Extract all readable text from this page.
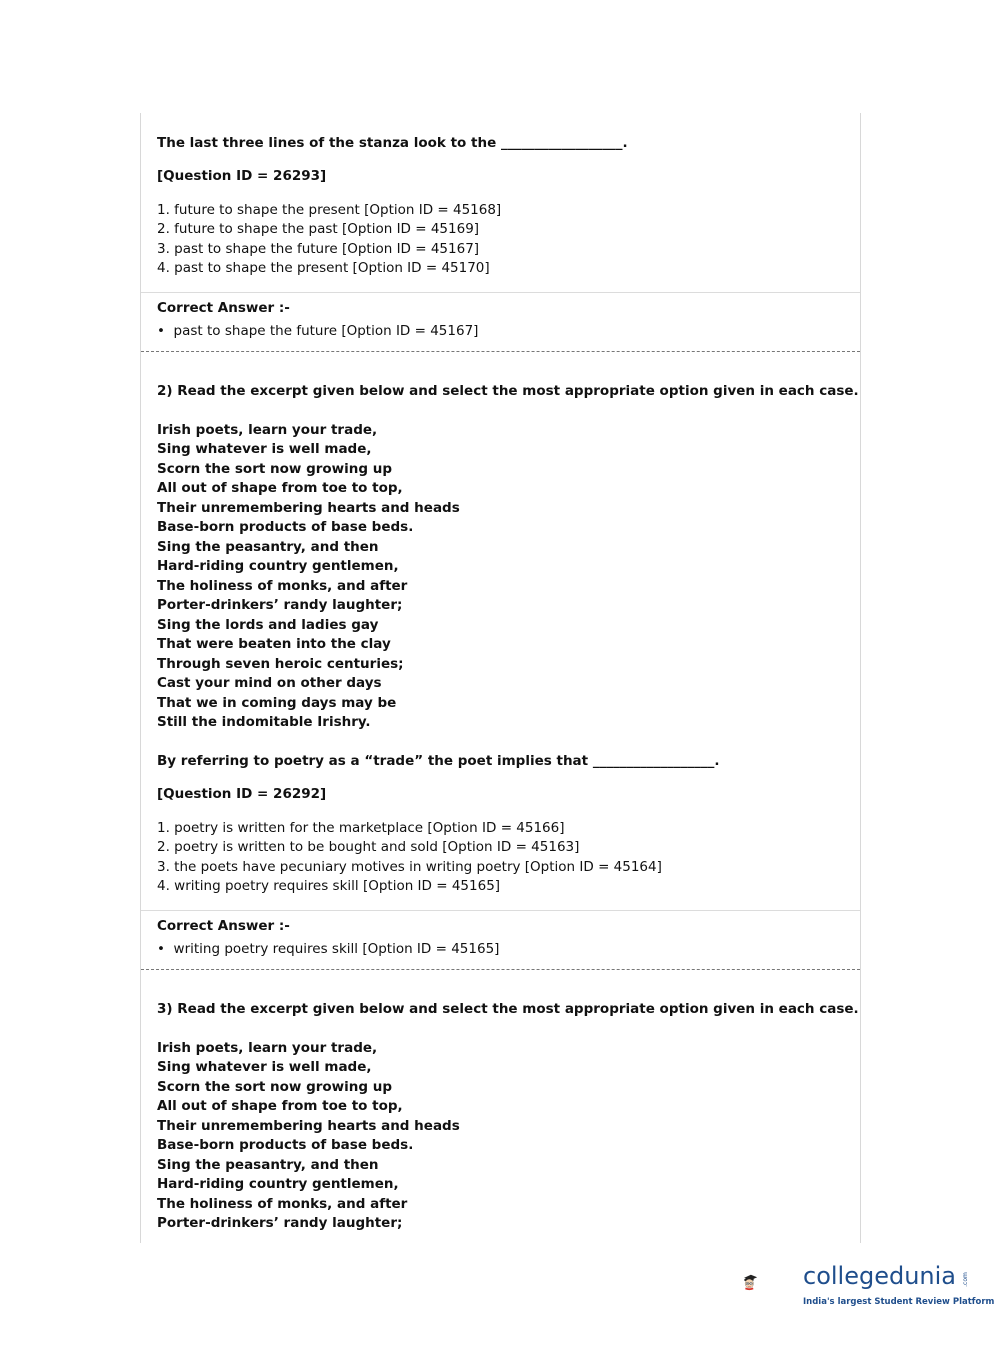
The last three lines of the stanza look to the __________________.
[Question ID = 26293]
1. future to shape the present [Option ID = 45168]
2. future to shape the past [Option ID = 45169]
3. past to shape the future [Option ID = 45167]
4. past to shape the present [Option ID = 45170]
Correct Answer :-
•  past to shape the future [Option ID = 45167]
2) Read the excerpt given below and select the most appropriate option given in each case.
Irish poets, learn your trade,
Sing whatever is well made,
Scorn the sort now growing up
All out of shape from toe to top,
Their unremembering hearts and heads
Base-born products of base beds.
Sing the peasantry, and then
Hard-riding country gentlemen,
The holiness of monks, and after
Porter-drinkers’ randy laughter;
Sing the lords and ladies gay
That were beaten into the clay
Through seven heroic centuries;
Cast your mind on other days
That we in coming days may be
Still the indomitable Irishry.
By referring to poetry as a “trade” the poet implies that __________________.
[Question ID = 26292]
1. poetry is written for the marketplace [Option ID = 45166]
2. poetry is written to be bought and sold [Option ID = 45163]
3. the poets have pecuniary motives in writing poetry [Option ID = 45164]
4. writing poetry requires skill [Option ID = 45165]
Correct Answer :-
•  writing poetry requires skill [Option ID = 45165]
3) Read the excerpt given below and select the most appropriate option given in each case.
Irish poets, learn your trade,
Sing whatever is well made,
Scorn the sort now growing up
All out of shape from toe to top,
Their unremembering hearts and heads
Base-born products of base beds.
Sing the peasantry, and then
Hard-riding country gentlemen,
The holiness of monks, and after
Porter-drinkers’ randy laughter;
collegedunia .com
India's largest Student Review Platform
